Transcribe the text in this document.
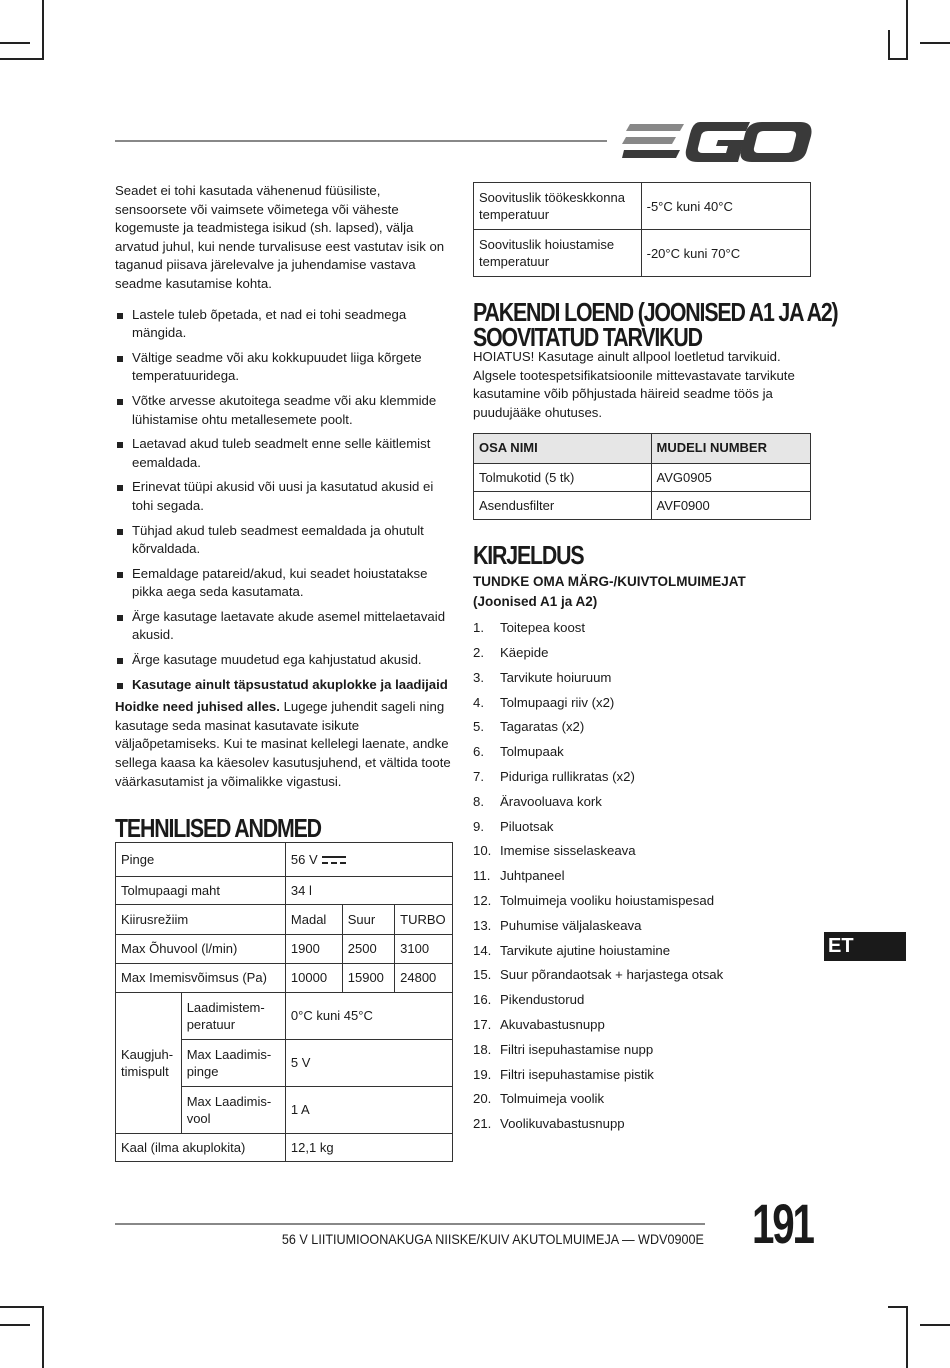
Seadet ei tohi kasutada vähenenud füüsiliste, sensoorsete või vaimsete võimetega või väheste kogemuste ja teadmistega isikud (sh. lapsed), välja arvatud juhul, kui nende turvalisuse eest vastutav isik on taganud piisava järelevalve ja juhendamise vastava seadme kasutamise kohta.

Lastele tuleb õpetada, et nad ei tohi seadmega mängida.
Vältige seadme või aku kokkupuudet liiga kõrgete temperatuuridega.
Võtke arvesse akutoitega seadme või aku klemmide lühistamise ohtu metallesemete poolt.
Laetavad akud tuleb seadmelt enne selle käitlemist eemaldada.
Erinevat tüüpi akusid või uusi ja kasutatud akusid ei tohi segada.
Tühjad akud tuleb seadmest eemaldada ja ohutult kõrvaldada.
Eemaldage patareid/akud, kui seadet hoiustatakse pikka aega seda kasutamata.
Ärge kasutage laetavate akude asemel mittelaetavaid akusid.
Ärge kasutage muudetud ega kahjustatud akusid.
Kasutage ainult täpsustatud akuplokke ja laadijaid

Hoidke need juhised alles. Lugege juhendit sageli ning kasutage seda masinat kasutavate isikute väljaõpetamiseks. Kui te masinat kellelegi laenate, andke sellega kaasa ka käesolev kasutusjuhend, et vältida toote väärkasutamist ja võimalikke vigastusi.

TEHNILISED ANDMED
Pinge		56 V		
Tolmupaagi maht		34 l		
Kiirusrežiim		Madal	Suur	TURBO
Max Õhuvool (l/min)		1900	2500	3100
Max Imemisvõimsus (Pa)		10000	15900	24800
Kaugjuh-timispult	Laadimistem-peratuur	0°C kuni 45°C		
	Max Laadimis-pinge	5 V		
	Max Laadimis-vool	1 A		
Kaal (ilma akuplokita)		12,1 kg		
Soovituslik töökeskkonna temperatuur	-5°C kuni 40°C
Soovituslik hoiustamise temperatuur	-20°C kuni 70°C
PAKENDI LOEND (JOONISED A1 JA A2)
SOOVITATUD TARVIKUD

HOIATUS! Kasutage ainult allpool loetletud tarvikuid. Algsele tootespetsifikatsioonile mittevastavate tarvikute kasutamine võib põhjustada häireid seadme töös ja puudujääke ohutuses.

OSA NIMI	MUDELI NUMBER
Tolmukotid (5 tk)	AVG0905
Asendusfilter	AVF0900
KIRJELDUS

TUNDKE OMA MÄRG-/KUIVTOLMUIMEJAT

(Joonised A1 ja A2)

1.	Toitepea koost
2.	Käepide
3.	Tarvikute hoiuruum
4.	Tolmupaagi riiv (x2)
5.	Tagaratas (x2)
6.	Tolmupaak
7.	Piduriga rullikratas (x2)
8.	Äravooluava kork
9.	Piluotsak
10. Imemise sisselaskeava
11. Juhtpaneel
12. Tolmuimeja vooliku hoiustamispesad
13. Puhumise väljalaskeava
14. Tarvikute ajutine hoiustamine
15. Suur põrandaotsak + harjastega otsak
16. Pikendustorud
17. Akuvabastusnupp
18. Filtri isepuhastamise nupp
19. Filtri isepuhastamise pistik
20. Tolmuimeja voolik
21. Voolikuvabastusnupp
ET
56 V LIITIUMIOONAKUGA NIISKE/KUIV AKUTOLMUIMEJA — WDV0900E 191
